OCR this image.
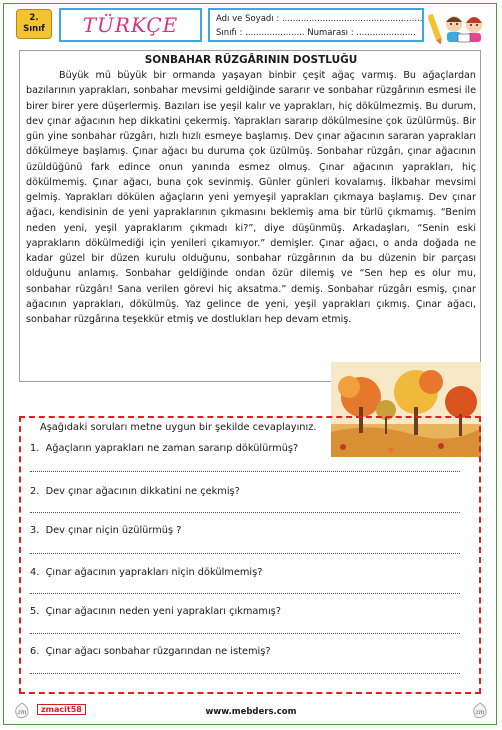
2.
Sınıf	TÜRKÇE	Adı ve Soyadı : ....................................................
Sınıfı : ...................... Numarası : ......................
SONBAHAR RÜZGÂRININ DOSTLUĞU

Büyük mü büyük bir ormanda yaşayan binbir çeşit ağaç varmış. Bu ağaçlardan bazılarının yaprakları, sonbahar mevsimi geldiğinde sararır ve sonbahar rüzgârının esmesi ile birer birer yere düşerlermiş. Bazıları ise yeşil kalır ve yaprakları, hiç dökülmezmiş. Bu durum, dev çınar ağacının hep dikkatini çekermiş. Yaprakları sararıp dökülmesine çok üzülürmüş. Bir gün yine sonbahar rüzgârı, hızlı hızlı esmeye başlamış. Dev çınar ağacının sararan yaprakları dökülmeye başlamış. Çınar ağacı bu duruma çok üzülmüş. Sonbahar rüzgârı, çınar ağacının üzüldüğünü fark edince onun yanında esmez olmuş. Çınar ağacının yaprakları, hiç dökülmemiş. Çınar ağacı, buna çok sevinmiş. Günler günleri kovalamış. İlkbahar mevsimi gelmiş. Yaprakları dökülen ağaçların yeni yemyeşil yaprakları çıkmaya başlamış. Dev çınar ağacı, kendisinin de yeni yapraklarının çıkmasını beklemiş ama bir türlü çıkmamış. “Benim neden yeni, yeşil yapraklarım çıkmadı ki?”, diye düşünmüş. Arkadaşları, “Senin eski yaprakların dökülmediği için yenileri çıkamıyor.” demişler. Çınar ağacı, o anda doğada ne kadar güzel bir düzen kurulu olduğunu, sonbahar rüzgârının da bu düzenin bir parçası olduğunu anlamış. Sonbahar geldiğinde ondan özür dilemiş ve “Sen hep es olur mu, sonbahar rüzgârı! Sana verilen görevi hiç aksatma.” demiş. Sonbahar rüzgârı esmiş, çınar ağacının yaprakları, dökülmüş. Yaz gelince de yeni, yeşil yaprakları çıkmış. Çınar ağacı, sonbahar rüzgârına teşekkür etmiş ve dostlukları hep devam etmiş.

Aşağıdaki soruları metne uygun bir şekilde cevaplayınız.
1. Ağaçların yaprakları ne zaman sararıp dökülürmüş?
2. Dev çınar ağacının dikkatini ne çekmiş?
3. Dev çınar niçin üzülürmüş ?
4. Çınar ağacının yaprakları niçin dökülmemiş?
5. Çınar ağacının neden yeni yaprakları çıkmamış?
6. Çınar ağacı sonbahar rüzgarından ne istemiş?
zm	zmacit58	www.mebders.com	zm
